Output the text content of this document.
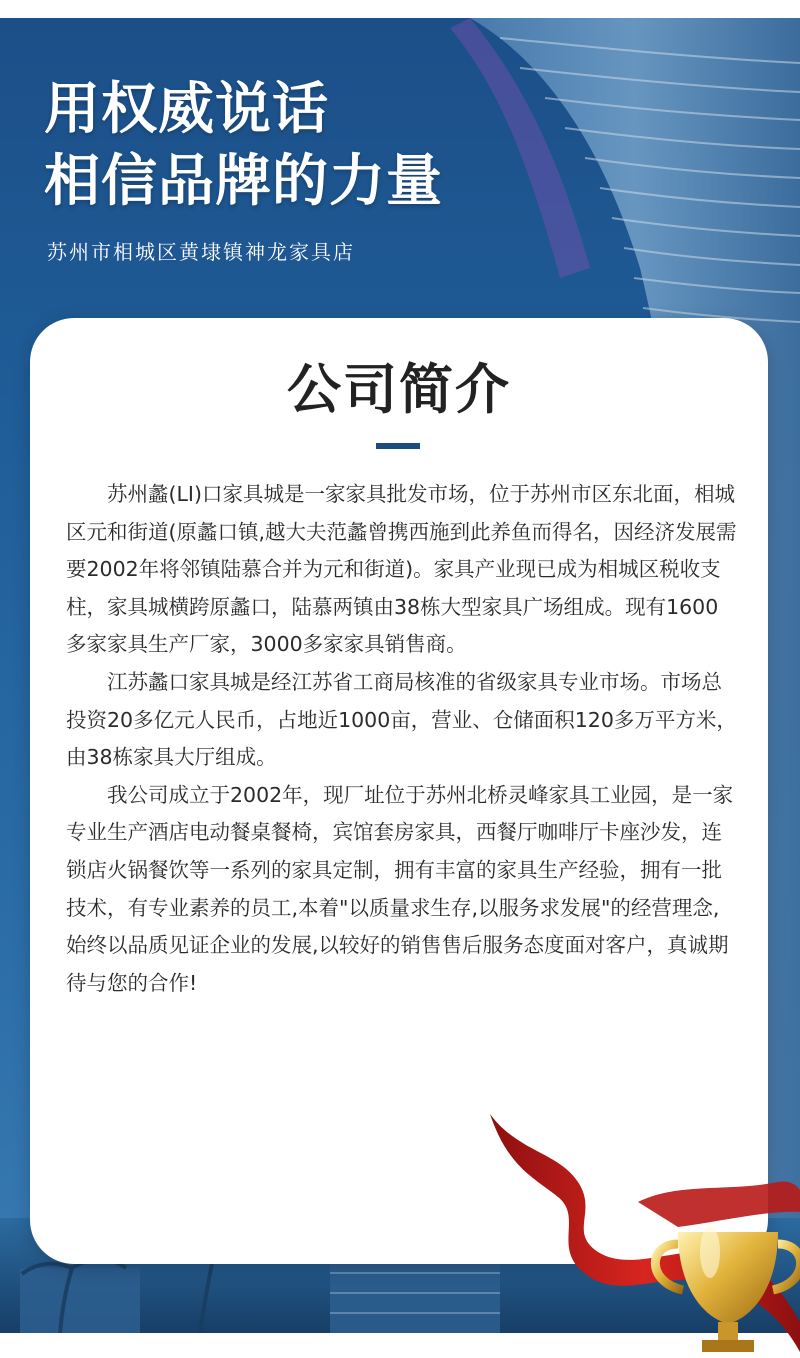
用权威说话
相信品牌的力量

苏州市相城区黄埭镇神龙家具店

公司简介

苏州蠡(LI)口家具城是一家家具批发市场，位于苏州市区东北面，相城区元和街道(原蠡口镇,越大夫范蠡曾携西施到此养鱼而得名，因经济发展需要2002年将邻镇陆慕合并为元和街道)。家具产业现已成为相城区税收支柱，家具城横跨原蠡口，陆慕两镇由38栋大型家具广场组成。现有1600多家家具生产厂家，3000多家家具销售商。

江苏蠡口家具城是经江苏省工商局核准的省级家具专业市场。市场总投资20多亿元人民币，占地近1000亩，营业、仓储面积120多万平方米，由38栋家具大厅组成。

我公司成立于2002年，现厂址位于苏州北桥灵峰家具工业园，是一家专业生产酒店电动餐桌餐椅，宾馆套房家具，西餐厅咖啡厅卡座沙发，连锁店火锅餐饮等一系列的家具定制，拥有丰富的家具生产经验，拥有一批技术，有专业素养的员工,本着"以质量求生存,以服务求发展"的经营理念,始终以品质见证企业的发展,以较好的销售售后服务态度面对客户，真诚期待与您的合作!
